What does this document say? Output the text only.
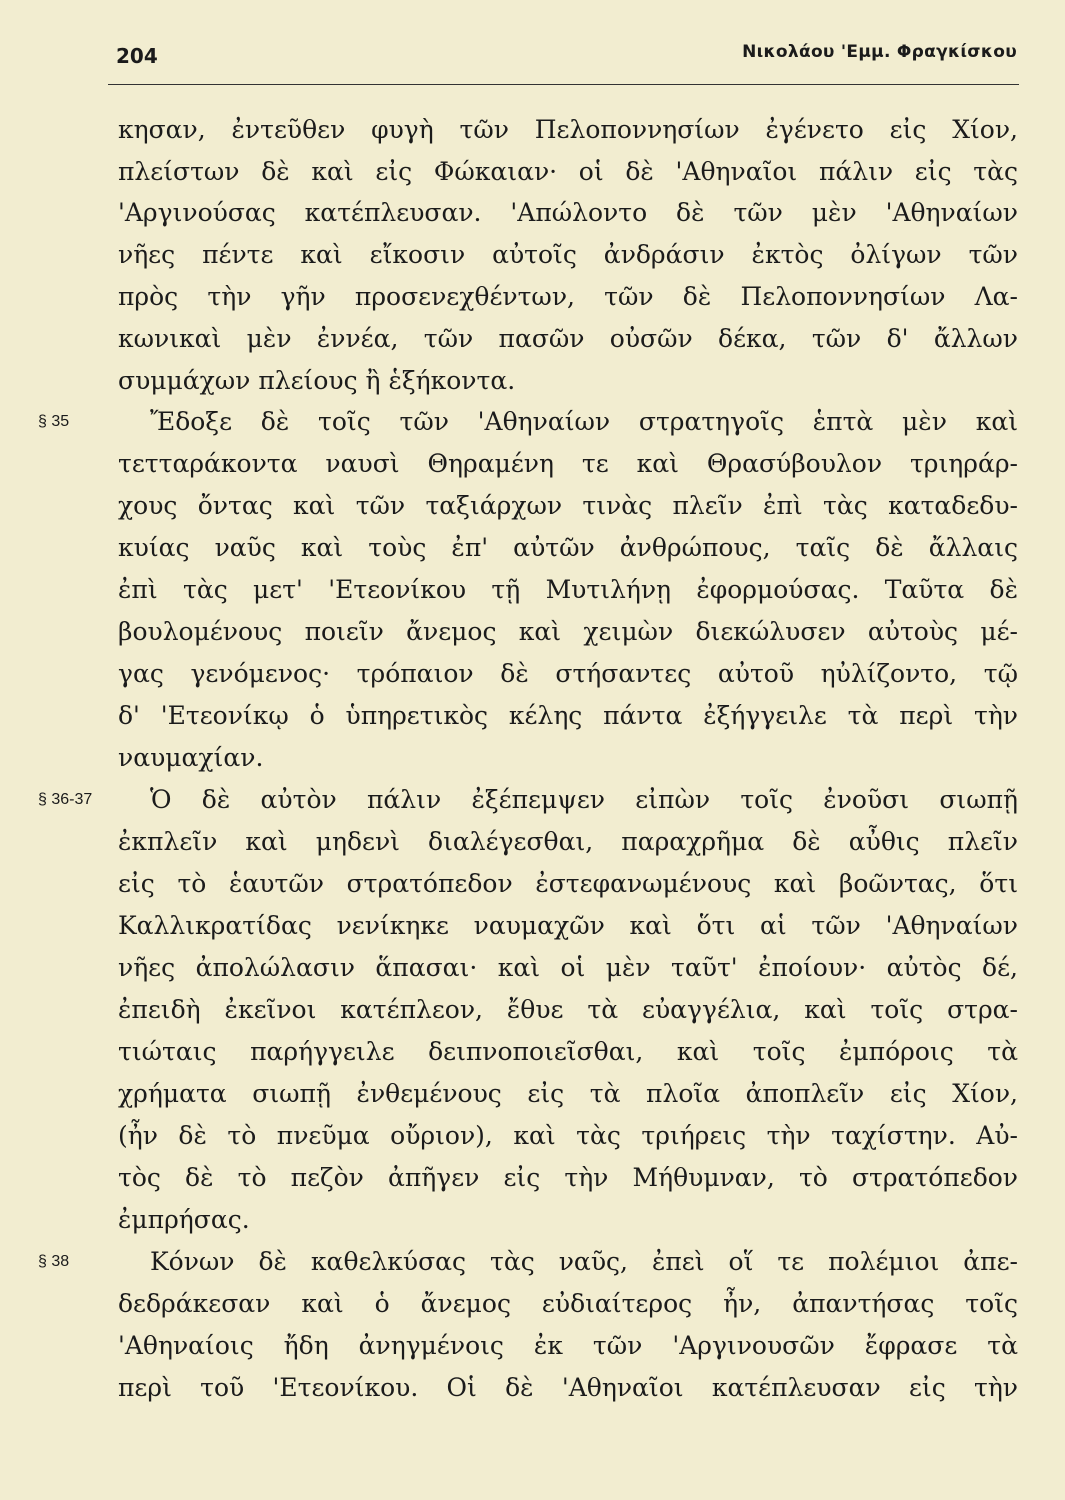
204	Νικολάου 'Εμμ. Φραγκίσκου
κησαν, ἐντεῦθεν φυγὴ τῶν Πελοποννησίων ἐγένετο εἰς Χίον,
πλείστων δὲ καὶ εἰς Φώκαιαν· οἱ δὲ 'Αθηναῖοι πάλιν εἰς τὰς
'Αργινούσας κατέπλευσαν. 'Απώλοντο δὲ τῶν μὲν 'Αθηναίων
νῆες πέντε καὶ εἴκοσιν αὐτοῖς ἀνδράσιν ἐκτὸς ὀλίγων τῶν
πρὸς τὴν γῆν προσενεχθέντων, τῶν δὲ Πελοποννησίων Λα-
κωνικαὶ μὲν ἐννέα, τῶν πασῶν οὐσῶν δέκα, τῶν δ' ἄλλων
συμμάχων πλείους ἢ ἑξήκοντα.
§ 35	Ἔδοξε δὲ τοῖς τῶν 'Αθηναίων στρατηγοῖς ἑπτὰ μὲν καὶ
τετταράκοντα ναυσὶ Θηραμένη τε καὶ Θρασύβουλον τριηράρ-
χους ὄντας καὶ τῶν ταξιάρχων τινὰς πλεῖν ἐπὶ τὰς καταδεδυ-
κυίας ναῦς καὶ τοὺς ἐπ' αὐτῶν ἀνθρώπους, ταῖς δὲ ἄλλαις
ἐπὶ τὰς μετ' 'Ετεονίκου τῇ Μυτιλήνῃ ἐφορμούσας. Ταῦτα δὲ
βουλομένους ποιεῖν ἄνεμος καὶ χειμὼν διεκώλυσεν αὐτοὺς μέ-
γας γενόμενος· τρόπαιον δὲ στήσαντες αὐτοῦ ηὐλίζοντο, τῷ
δ' 'Ετεονίκῳ ὁ ὑπηρετικὸς κέλης πάντα ἐξήγγειλε τὰ περὶ τὴν
ναυμαχίαν.
§ 36-37 Ὁ δὲ αὐτὸν πάλιν ἐξέπεμψεν εἰπὼν τοῖς ἐνοῦσι σιωπῇ
ἐκπλεῖν καὶ μηδενὶ διαλέγεσθαι, παραχρῆμα δὲ αὖθις πλεῖν
εἰς τὸ ἑαυτῶν στρατόπεδον ἐστεφανωμένους καὶ βοῶντας, ὅτι
Καλλικρατίδας νενίκηκε ναυμαχῶν καὶ ὅτι αἱ τῶν 'Αθηναίων
νῆες ἀπολώλασιν ἅπασαι· καὶ οἱ μὲν ταῦτ' ἐποίουν· αὐτὸς δέ,
ἐπειδὴ ἐκεῖνοι κατέπλεον, ἔθυε τὰ εὐαγγέλια, καὶ τοῖς στρα-
τιώταις παρήγγειλε δειπνοποιεῖσθαι, καὶ τοῖς ἐμπόροις τὰ
χρήματα σιωπῇ ἐνθεμένους εἰς τὰ πλοῖα ἀποπλεῖν εἰς Χίον,
(ἦν δὲ τὸ πνεῦμα οὔριον), καὶ τὰς τριήρεις τὴν ταχίστην. Αὐ-
τὸς δὲ τὸ πεζὸν ἀπῆγεν εἰς τὴν Μήθυμναν, τὸ στρατόπεδον
ἐμπρήσας.
§ 38	Κόνων δὲ καθελκύσας τὰς ναῦς, ἐπεὶ οἵ τε πολέμιοι ἀπε-
δεδράκεσαν καὶ ὁ ἄνεμος εὐδιαίτερος ἦν, ἀπαντήσας τοῖς
'Αθηναίοις ἤδη ἀνηγμένοις ἐκ τῶν 'Αργινουσῶν ἔφρασε τὰ
περὶ τοῦ 'Ετεονίκου. Οἱ δὲ 'Αθηναῖοι κατέπλευσαν εἰς τὴν
